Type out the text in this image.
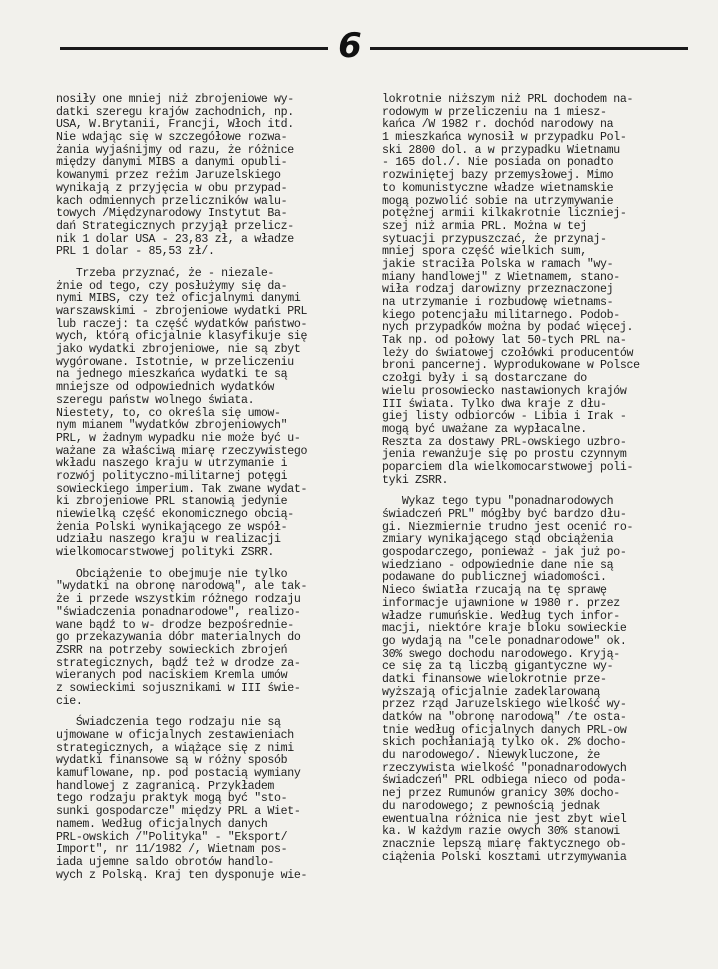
6
nosiły one mniej niż zbrojeniowe wy-
datki szeregu krajów zachodnich, np.
USA, W.Brytanii, Francji, Włoch itd.
Nie wdając się w szczegółowe rozwa-
żania wyjaśnijmy od razu, że różnice
między danymi MIBS a danymi opubli-
kowanymi przez reżim Jaruzelskiego
wynikają z przyjęcia w obu przypad-
kach odmiennych przeliczników walu-
towych /Międzynarodowy Instytut Ba-
dań Strategicznych przyjął przelicz-
nik 1 dolar USA - 23,83 zł, a władze
PRL 1 dolar - 85,53 zł/.
Trzeba przyznać, że - niezale-
żnie od tego, czy posłużymy się da-
nymi MIBS, czy też oficjalnymi danymi
warszawskimi - zbrojeniowe wydatki PRL
lub raczej: ta część wydatków państwo-
wych, którą oficjalnie klasyfikuje się
jako wydatki zbrojeniowe, nie są zbyt
wygórowane. Istotnie, w przeliczeniu
na jednego mieszkańca wydatki te są
mniejsze od odpowiednich wydatków
szeregu państw wolnego świata.
Niestety, to, co określa się umow-
nym mianem "wydatków zbrojeniowych"
PRL, w żadnym wypadku nie może być u-
ważane za właściwą miarę rzeczywistego
wkładu naszego kraju w utrzymanie i
rozwój polityczno-militarnej potęgi
sowieckiego imperium. Tak zwane wydat-
ki zbrojeniowe PRL stanowią jedynie
niewielką część ekonomicznego obcią-
żenia Polski wynikającego ze współ-
udziału naszego kraju w realizacji
wielkomocarstwowej polityki ZSRR.
Obciążenie to obejmuje nie tylko
"wydatki na obronę narodową", ale tak-
że i przede wszystkim różnego rodzaju
"świadczenia ponadnarodowe", realizo-
wane bądź to w- drodze bezpośrednie-
go przekazywania dóbr materialnych do
ZSRR na potrzeby sowieckich zbrojeń
strategicznych, bądź też w drodze za-
wieranych pod naciskiem Kremla umów
z sowieckimi sojusznikami w III świe-
cie.
Świadczenia tego rodzaju nie są
ujmowane w oficjalnych zestawieniach
strategicznych, a wiążące się z nimi
wydatki finansowe są w różny sposób
kamuflowane, np. pod postacią wymiany
handlowej z zagranicą. Przykładem
tego rodzaju praktyk mogą być "sto-
sunki gospodarcze" między PRL a Wiet-
namem. Według oficjalnych danych
PRL-owskich /"Polityka" - "Eksport/
Import", nr 11/1982 /, Wietnam pos-
iada ujemne saldo obrotów handlo-
wych z Polską. Kraj ten dysponuje wie-
lokrotnie niższym niż PRL dochodem na-
rodowym w przeliczeniu na 1 miesz-
kańca /W 1982 r. dochód narodowy na
1 mieszkańca wynosił w przypadku Pol-
ski 2800 dol. a w przypadku Wietnamu
- 165 dol./. Nie posiada on ponadto
rozwiniętej bazy przemysłowej. Mimo
to komunistyczne władze wietnamskie
mogą pozwolić sobie na utrzymywanie
potężnej armii kilkakrotnie liczniej-
szej niż armia PRL. Można w tej
sytuacji przypuszczać, że przynaj-
mniej spora część wielkich sum,
jakie straciła Polska w ramach "wy-
miany handlowej" z Wietnamem, stano-
wiła rodzaj darowizny przeznaczonej
na utrzymanie i rozbudowę wietnams-
kiego potencjału militarnego. Podob-
nych przypadków można by podać więcej.
Tak np. od połowy lat 50-tych PRL na-
leży do światowej czołówki producentów
broni pancernej. Wyprodukowane w Polsce
czołgi były i są dostarczane do
wielu prosowiecko nastawionych krajów
III świata. Tylko dwa kraje z dłu-
giej listy odbiorców - Libia i Irak -
mogą być uważane za wypłacalne.
Reszta za dostawy PRL-owskiego uzbro-
jenia rewanżuje się po prostu czynnym
poparciem dla wielkomocarstwowej poli-
tyki ZSRR.
Wykaz tego typu "ponadnarodowych
świadczeń PRL" mógłby być bardzo dłu-
gi. Niezmiernie trudno jest ocenić ro-
zmiary wynikającego stąd obciążenia
gospodarczego, ponieważ - jak już po-
wiedziano - odpowiednie dane nie są
podawane do publicznej wiadomości.
Nieco światła rzucają na tę sprawę
informacje ujawnione w 1980 r. przez
władze rumuńskie. Według tych infor-
macji, niektóre kraje bloku sowieckie
go wydają na "cele ponadnarodowe" ok.
30% swego dochodu narodowego. Kryją-
ce się za tą liczbą gigantyczne wy-
datki finansowe wielokrotnie prze-
wyższają oficjalnie zadeklarowaną
przez rząd Jaruzelskiego wielkość wy-
datków na "obronę narodową" /te osta-
tnie według oficjalnych danych PRL-ow
skich pochłaniają tylko ok. 2% docho-
du narodowego/. Niewykluczone, że
rzeczywista wielkość "ponadnarodowych
świadczeń" PRL odbiega nieco od poda-
nej przez Rumunów granicy 30% docho-
du narodowego; z pewnością jednak
ewentualna różnica nie jest zbyt wiel
ka. W każdym razie owych 30% stanowi
znacznie lepszą miarę faktycznego ob-
ciążenia Polski kosztami utrzymywania
